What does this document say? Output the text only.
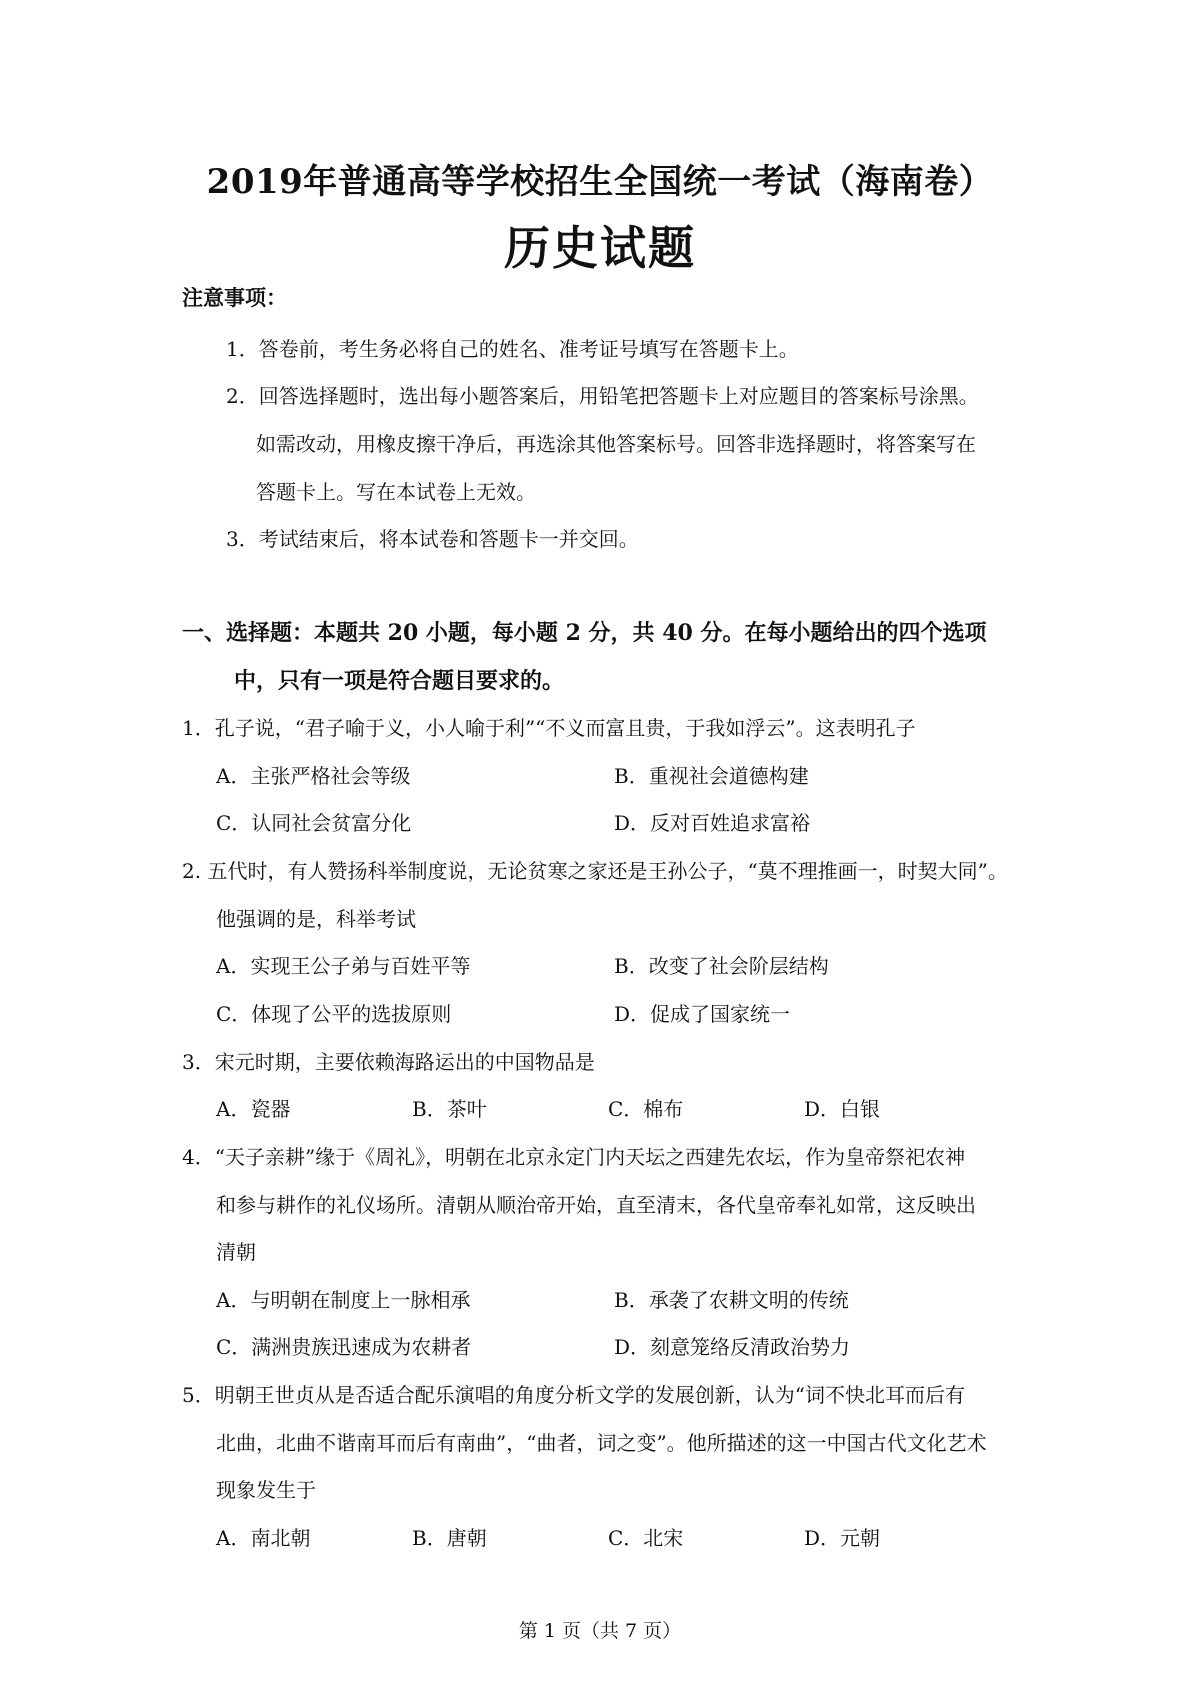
2019年普通高等学校招生全国统一考试（海南卷）
历史试题
注意事项：
1．答卷前，考生务必将自己的姓名、准考证号填写在答题卡上。
2．回答选择题时，选出每小题答案后，用铅笔把答题卡上对应题目的答案标号涂黑。
如需改动，用橡皮擦干净后，再选涂其他答案标号。回答非选择题时，将答案写在
答题卡上。写在本试卷上无效。
3．考试结束后，将本试卷和答题卡一并交回。
一、选择题：本题共 20 小题，每小题 2 分，共 40 分。在每小题给出的四个选项
中，只有一项是符合题目要求的。
1．孔子说，“君子喻于义，小人喻于利”“不义而富且贵，于我如浮云”。这表明孔子
A．主张严格社会等级	B．重视社会道德构建
C．认同社会贫富分化	D．反对百姓追求富裕
2. 五代时，有人赞扬科举制度说，无论贫寒之家还是王孙公子，“莫不理推画一，时契大同”。
他强调的是，科举考试
A．实现王公子弟与百姓平等	B．改变了社会阶层结构
C．体现了公平的选拔原则	D．促成了国家统一
3．宋元时期，主要依赖海路运出的中国物品是
A．瓷器	B．茶叶	C．棉布	D．白银
4．“天子亲耕”缘于《周礼》，明朝在北京永定门内天坛之西建先农坛，作为皇帝祭祀农神
和参与耕作的礼仪场所。清朝从顺治帝开始，直至清末，各代皇帝奉礼如常，这反映出
清朝
A．与明朝在制度上一脉相承	B．承袭了农耕文明的传统
C．满洲贵族迅速成为农耕者	D．刻意笼络反清政治势力
5．明朝王世贞从是否适合配乐演唱的角度分析文学的发展创新，认为“词不快北耳而后有
北曲，北曲不谐南耳而后有南曲”，“曲者，词之变”。他所描述的这一中国古代文化艺术
现象发生于
A．南北朝	B．唐朝	C．北宋	D．元朝
第 1 页（共 7 页）
